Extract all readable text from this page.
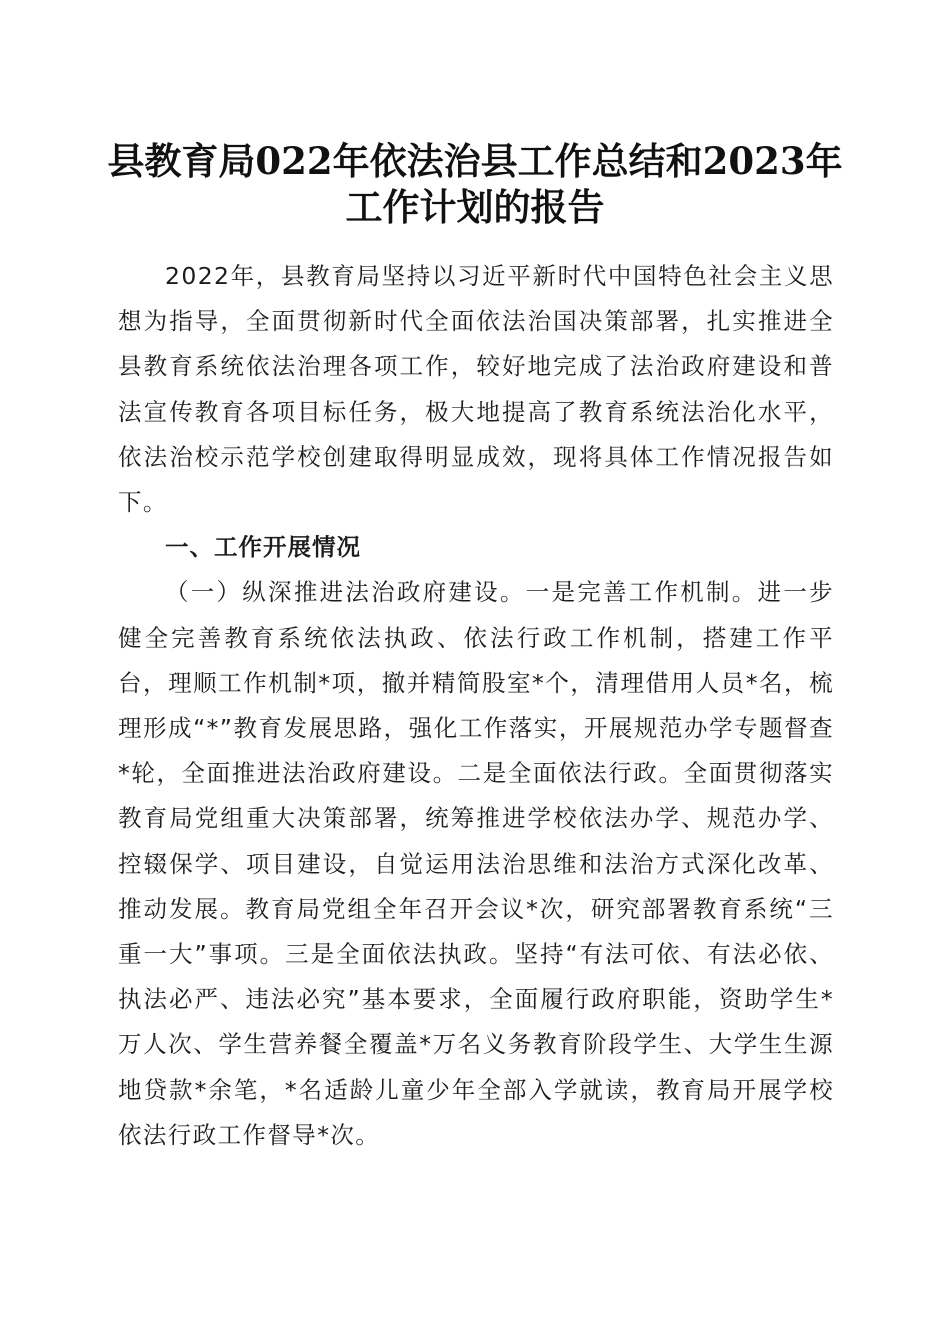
县教育局022年依法治县工作总结和2023年
工作计划的报告

2022年，县教育局坚持以习近平新时代中国特色社会主义思想为指导，全面贯彻新时代全面依法治国决策部署，扎实推进全县教育系统依法治理各项工作，较好地完成了法治政府建设和普法宣传教育各项目标任务，极大地提高了教育系统法治化水平，依法治校示范学校创建取得明显成效，现将具体工作情况报告如下。

一、工作开展情况

（一）纵深推进法治政府建设。一是完善工作机制。进一步健全完善教育系统依法执政、依法行政工作机制，搭建工作平台，理顺工作机制*项，撤并精简股室*个，清理借用人员*名，梳理形成“*”教育发展思路，强化工作落实，开展规范办学专题督查*轮，全面推进法治政府建设。二是全面依法行政。全面贯彻落实教育局党组重大决策部署，统筹推进学校依法办学、规范办学、控辍保学、项目建设，自觉运用法治思维和法治方式深化改革、推动发展。教育局党组全年召开会议*次，研究部署教育系统“三重一大”事项。三是全面依法执政。坚持“有法可依、有法必依、执法必严、违法必究”基本要求，全面履行政府职能，资助学生*万人次、学生营养餐全覆盖*万名义务教育阶段学生、大学生生源地贷款*余笔，*名适龄儿童少年全部入学就读，教育局开展学校依法行政工作督导*次。
